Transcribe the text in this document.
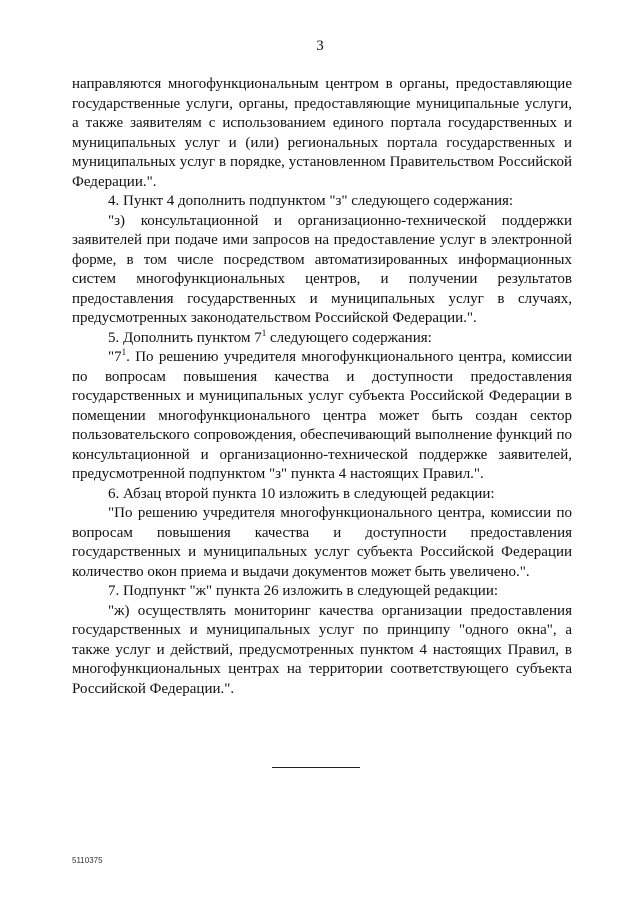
3

направляются многофункциональным центром в органы, предоставляющие государственные услуги, органы, предоставляющие муниципальные услуги, а также заявителям с использованием единого портала государственных и муниципальных услуг и (или) региональных портала государственных и муниципальных услуг в порядке, установленном Правительством Российской Федерации.".

4. Пункт 4 дополнить подпунктом "з" следующего содержания:

"з) консультационной и организационно-технической поддержки заявителей при подаче ими запросов на предоставление услуг в электронной форме, в том числе посредством автоматизированных информационных систем многофункциональных центров, и получении результатов предоставления государственных и муниципальных услуг в случаях, предусмотренных законодательством Российской Федерации.".

5. Дополнить пунктом $7^1$ следующего содержания:

"$7^1$. По решению учредителя многофункционального центра, комиссии по вопросам повышения качества и доступности предоставления государственных и муниципальных услуг субъекта Российской Федерации в помещении многофункционального центра может быть создан сектор пользовательского сопровождения, обеспечивающий выполнение функций по консультационной и организационно-технической поддержке заявителей, предусмотренной подпунктом "з" пункта 4 настоящих Правил.".

6. Абзац второй пункта 10 изложить в следующей редакции:

"По решению учредителя многофункционального центра, комиссии по вопросам повышения качества и доступности предоставления государственных и муниципальных услуг субъекта Российской Федерации количество окон приема и выдачи документов может быть увеличено.".

7. Подпункт "ж" пункта 26 изложить в следующей редакции:

"ж) осуществлять мониторинг качества организации предоставления государственных и муниципальных услуг по принципу "одного окна", а также услуг и действий, предусмотренных пунктом 4 настоящих Правил, в многофункциональных центрах на территории соответствующего субъекта Российской Федерации.".

5110375
